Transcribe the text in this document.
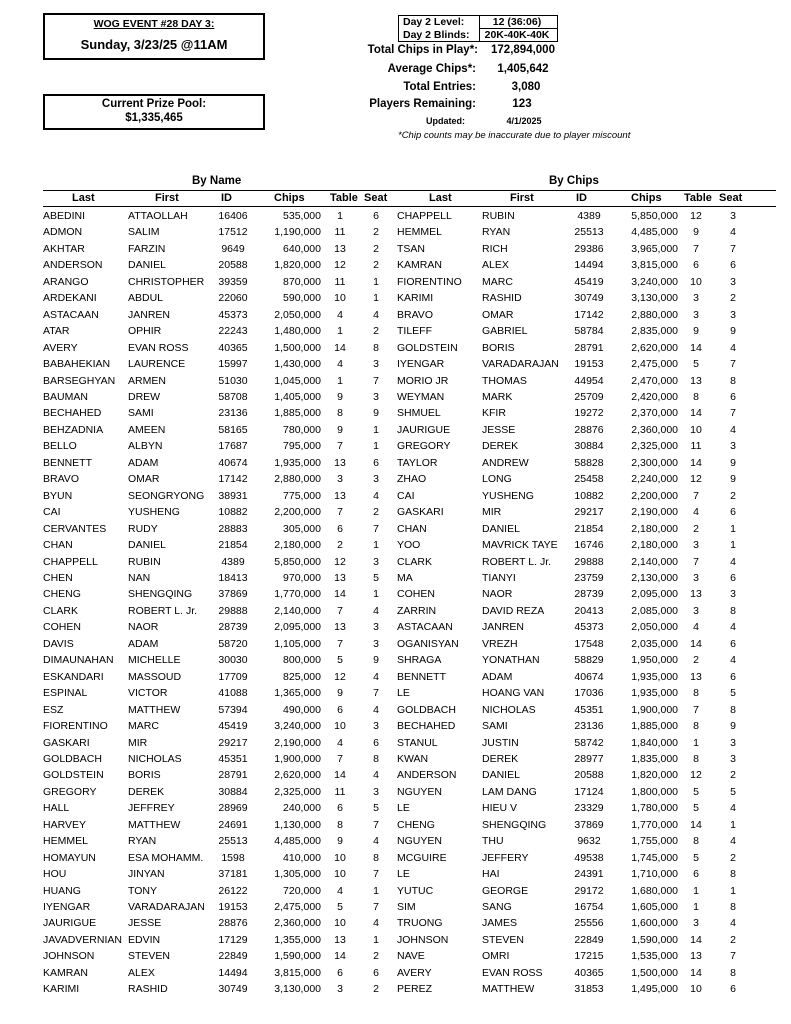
WOG EVENT #28 DAY 3:
Sunday, 3/23/25 @11AM
Current Prize Pool:
$1,335,465
Day 2 Level:	12 (36:06)
Day 2 Blinds:	20K-40K-40K
Total Chips in Play*:	172,894,000
Average Chips*:	1,405,642
Total Entries:	3,080
Players Remaining:	123
Updated:	4/1/2025
*Chip counts may be inaccurate due to player miscount
By Name	By Chips
Last	First	ID	Chips Table Seat	Last	First	ID	Chips Table Seat
ABEDINI	ATTAOLLAH	16406	535,000	1	6
ADMON	SALIM	17512	1,190,000	11	2
AKHTAR	FARZIN	9649	640,000	13	2
ANDERSON	DANIEL	20588	1,820,000	12	2
ARANGO	CHRISTOPHER	39359	870,000	11	1
ARDEKANI	ABDUL	22060	590,000	10	1
ASTACAAN	JANREN	45373	2,050,000	4	4
ATAR	OPHIR	22243	1,480,000	1	2
AVERY	EVAN ROSS	40365	1,500,000	14	8
BABAHEKIAN	LAURENCE	15997	1,430,000	4	3
BARSEGHYAN	ARMEN	51030	1,045,000	1	7
BAUMAN	DREW	58708	1,405,000	9	3
BECHAHED	SAMI	23136	1,885,000	8	9
BEHZADNIA	AMEEN	58165	780,000	9	1
BELLO	ALBYN	17687	795,000	7	1
BENNETT	ADAM	40674	1,935,000	13	6
BRAVO	OMAR	17142	2,880,000	3	3
BYUN	SEONGRYONG	38931	775,000	13	4
CAI	YUSHENG	10882	2,200,000	7	2
CERVANTES	RUDY	28883	305,000	6	7
CHAN	DANIEL	21854	2,180,000	2	1
CHAPPELL	RUBIN	4389	5,850,000	12	3
CHEN	NAN	18413	970,000	13	5
CHENG	SHENGQING	37869	1,770,000	14	1
CLARK	ROBERT L. Jr.	29888	2,140,000	7	4
COHEN	NAOR	28739	2,095,000	13	3
DAVIS	ADAM	58720	1,105,000	7	3
DIMAUNAHAN	MICHELLE	30030	800,000	5	9
ESKANDARI	MASSOUD	17709	825,000	12	4
ESPINAL	VICTOR	41088	1,365,000	9	7
ESZ	MATTHEW	57394	490,000	6	4
FIORENTINO	MARC	45419	3,240,000	10	3
GASKARI	MIR	29217	2,190,000	4	6
GOLDBACH	NICHOLAS	45351	1,900,000	7	8
GOLDSTEIN	BORIS	28791	2,620,000	14	4
GREGORY	DEREK	30884	2,325,000	11	3
HALL	JEFFREY	28969	240,000	6	5
HARVEY	MATTHEW	24691	1,130,000	8	7
HEMMEL	RYAN	25513	4,485,000	9	4
HOMAYUN	ESA MOHAMM.	1598	410,000	10	8
HOU	JINYAN	37181	1,305,000	10	7
HUANG	TONY	26122	720,000	4	1
IYENGAR	VARADARAJAN	19153	2,475,000	5	7
JAURIGUE	JESSE	28876	2,360,000	10	4
JAVADVERNIAN	EDVIN	17129	1,355,000	13	1
JOHNSON	STEVEN	22849	1,590,000	14	2
KAMRAN	ALEX	14494	3,815,000	6	6
KARIMI	RASHID	30749	3,130,000	3	2
CHAPPELL	RUBIN	4389	5,850,000	12	3
HEMMEL	RYAN	25513	4,485,000	9	4
TSAN	RICH	29386	3,965,000	7	7
KAMRAN	ALEX	14494	3,815,000	6	6
FIORENTINO	MARC	45419	3,240,000	10	3
KARIMI	RASHID	30749	3,130,000	3	2
BRAVO	OMAR	17142	2,880,000	3	3
TILEFF	GABRIEL	58784	2,835,000	9	9
GOLDSTEIN	BORIS	28791	2,620,000	14	4
IYENGAR	VARADARAJAN	19153	2,475,000	5	7
MORIO JR	THOMAS	44954	2,470,000	13	8
WEYMAN	MARK	25709	2,420,000	8	6
SHMUEL	KFIR	19272	2,370,000	14	7
JAURIGUE	JESSE	28876	2,360,000	10	4
GREGORY	DEREK	30884	2,325,000	11	3
TAYLOR	ANDREW	58828	2,300,000	14	9
ZHAO	LONG	25458	2,240,000	12	9
CAI	YUSHENG	10882	2,200,000	7	2
GASKARI	MIR	29217	2,190,000	4	6
CHAN	DANIEL	21854	2,180,000	2	1
YOO	MAVRICK TAYE	16746	2,180,000	3	1
CLARK	ROBERT L. Jr.	29888	2,140,000	7	4
MA	TIANYI	23759	2,130,000	3	6
COHEN	NAOR	28739	2,095,000	13	3
ZARRIN	DAVID REZA	20413	2,085,000	3	8
ASTACAAN	JANREN	45373	2,050,000	4	4
OGANISYAN	VREZH	17548	2,035,000	14	6
SHRAGA	YONATHAN	58829	1,950,000	2	4
BENNETT	ADAM	40674	1,935,000	13	6
LE	HOANG VAN	17036	1,935,000	8	5
GOLDBACH	NICHOLAS	45351	1,900,000	7	8
BECHAHED	SAMI	23136	1,885,000	8	9
STANUL	JUSTIN	58742	1,840,000	1	3
KWAN	DEREK	28977	1,835,000	8	3
ANDERSON	DANIEL	20588	1,820,000	12	2
NGUYEN	LAM DANG	17124	1,800,000	5	5
LE	HIEU V	23329	1,780,000	5	4
CHENG	SHENGQING	37869	1,770,000	14	1
NGUYEN	THU	9632	1,755,000	8	4
MCGUIRE	JEFFERY	49538	1,745,000	5	2
LE	HAI	24391	1,710,000	6	8
YUTUC	GEORGE	29172	1,680,000	1	1
SIM	SANG	16754	1,605,000	1	8
TRUONG	JAMES	25556	1,600,000	3	4
JOHNSON	STEVEN	22849	1,590,000	14	2
NAVE	OMRI	17215	1,535,000	13	7
AVERY	EVAN ROSS	40365	1,500,000	14	8
PEREZ	MATTHEW	31853	1,495,000	10	6
